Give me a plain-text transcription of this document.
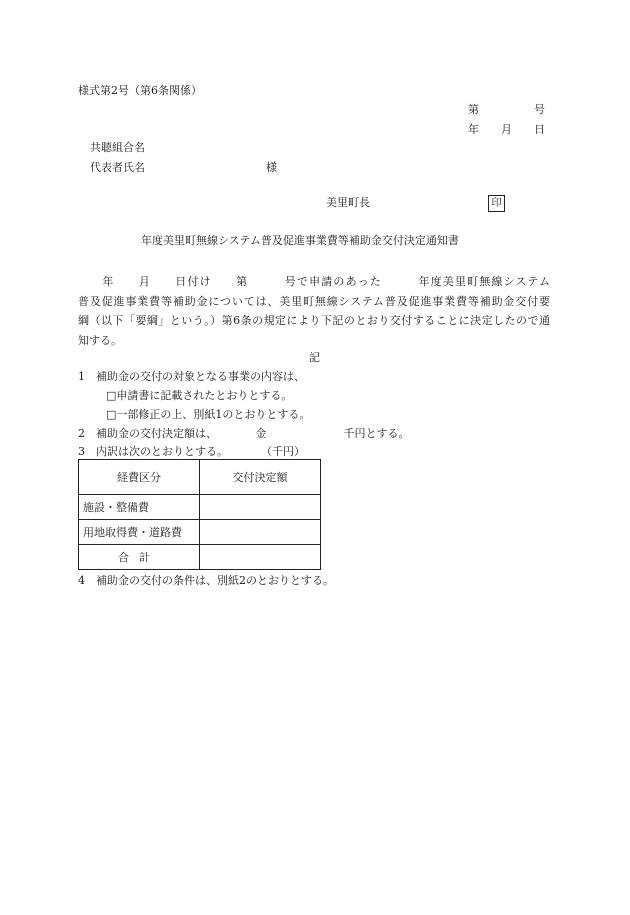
様式第2号（第6条関係）
第　　　　　号
年　　月　　日
共聴組合名
代表者氏名	様
美里町長	印
年度美里町無線システム普及促進事業費等補助金交付決定通知書
　　年　　月　　日付け　　第　　　号で申請のあった　　　年度美里町無線システム
普及促進事業費等補助金については、美里町無線システム普及促進事業費等補助金交付要
綱（以下「要綱」という。）第6条の規定により下記のとおり交付することに決定したので通
知する。
記
1　補助金の交付の対象となる事業の内容は、
□申請書に記載されたとおりとする。
□一部修正の上、別紙1のとおりとする。
2　補助金の交付決定額は、　　　　金　　　　　　　千円とする。
3　内訳は次のとおりとする。　　　　（千円）
経費区分	交付決定額
施設・整備費	
用地取得費・道路費	
合計	
4　補助金の交付の条件は、別紙2のとおりとする。
